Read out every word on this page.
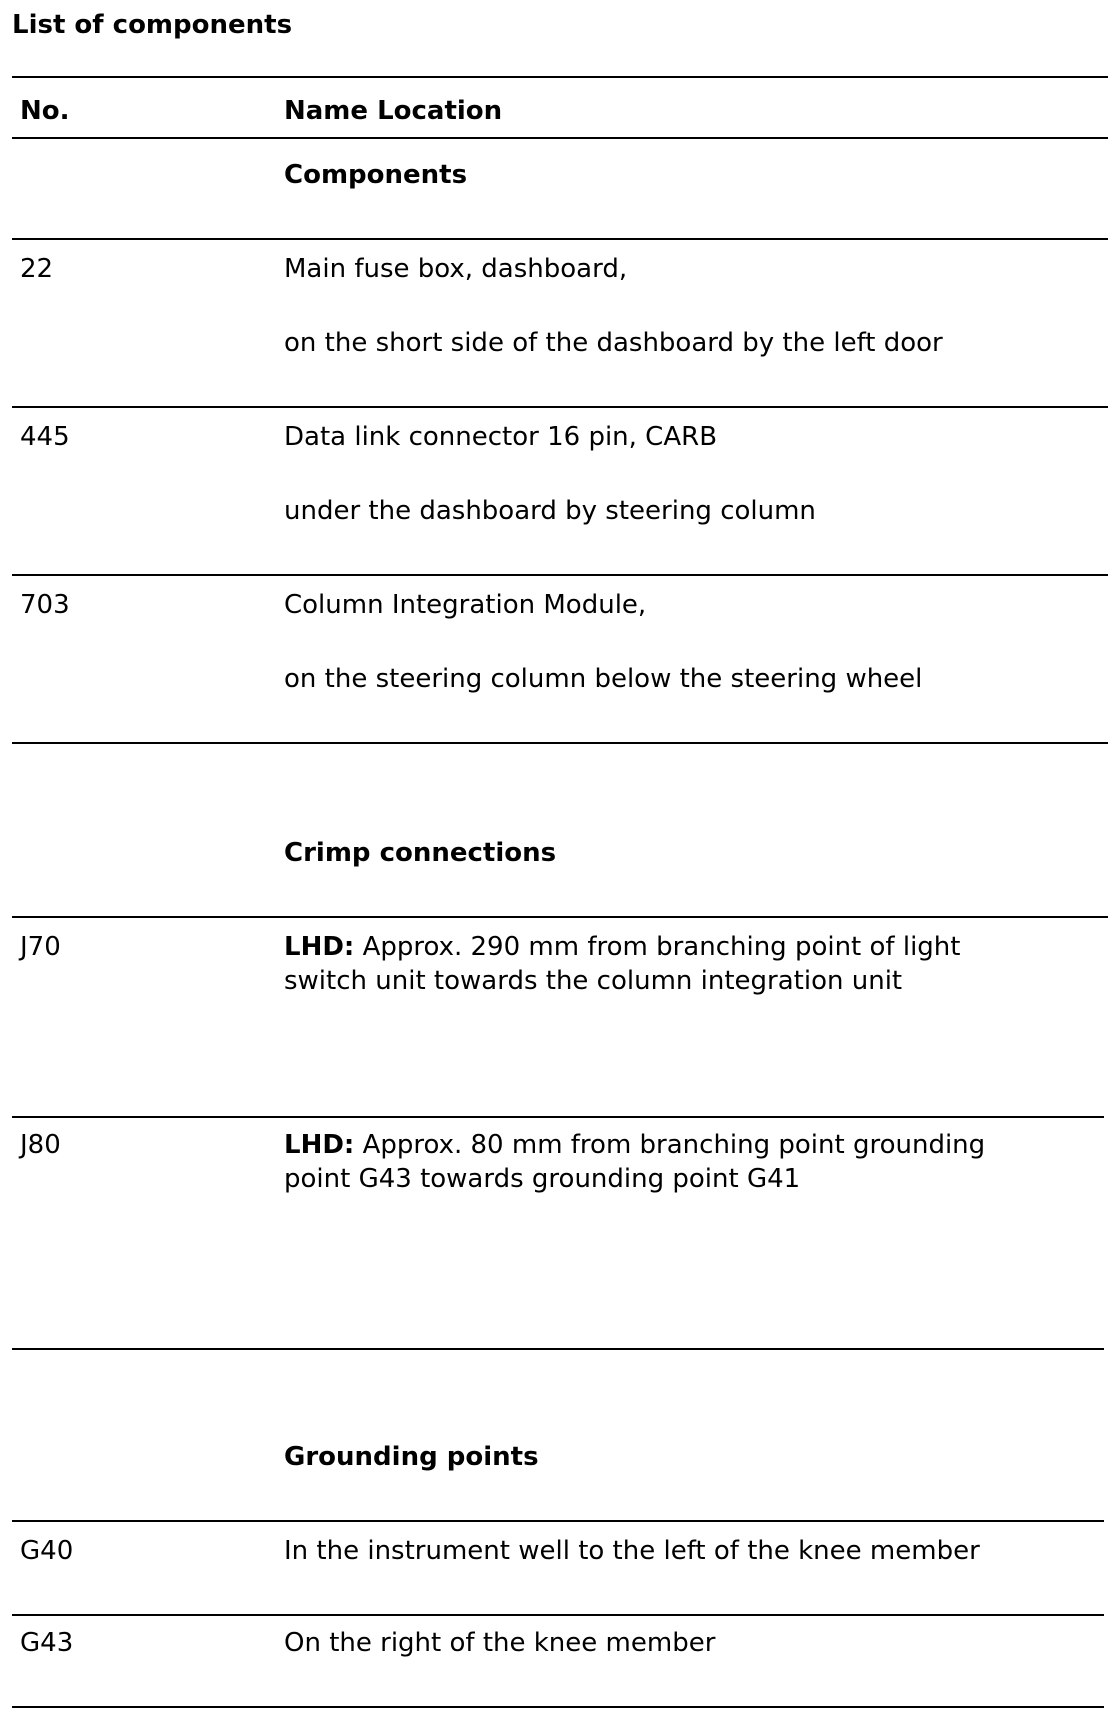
List of components
No.	Name Location
Components
22	Main fuse box, dashboard,
on the short side of the dashboard by the left door
445	Data link connector 16 pin, CARB
under the dashboard by steering column
703	Column Integration Module,
on the steering column below the steering wheel
Crimp connections
J70	LHD: Approx. 290 mm from branching point of light
switch unit towards the column integration unit
J80	LHD: Approx. 80 mm from branching point grounding
point G43 towards grounding point G41
Grounding points
G40	In the instrument well to the left of the knee member
G43	On the right of the knee member
